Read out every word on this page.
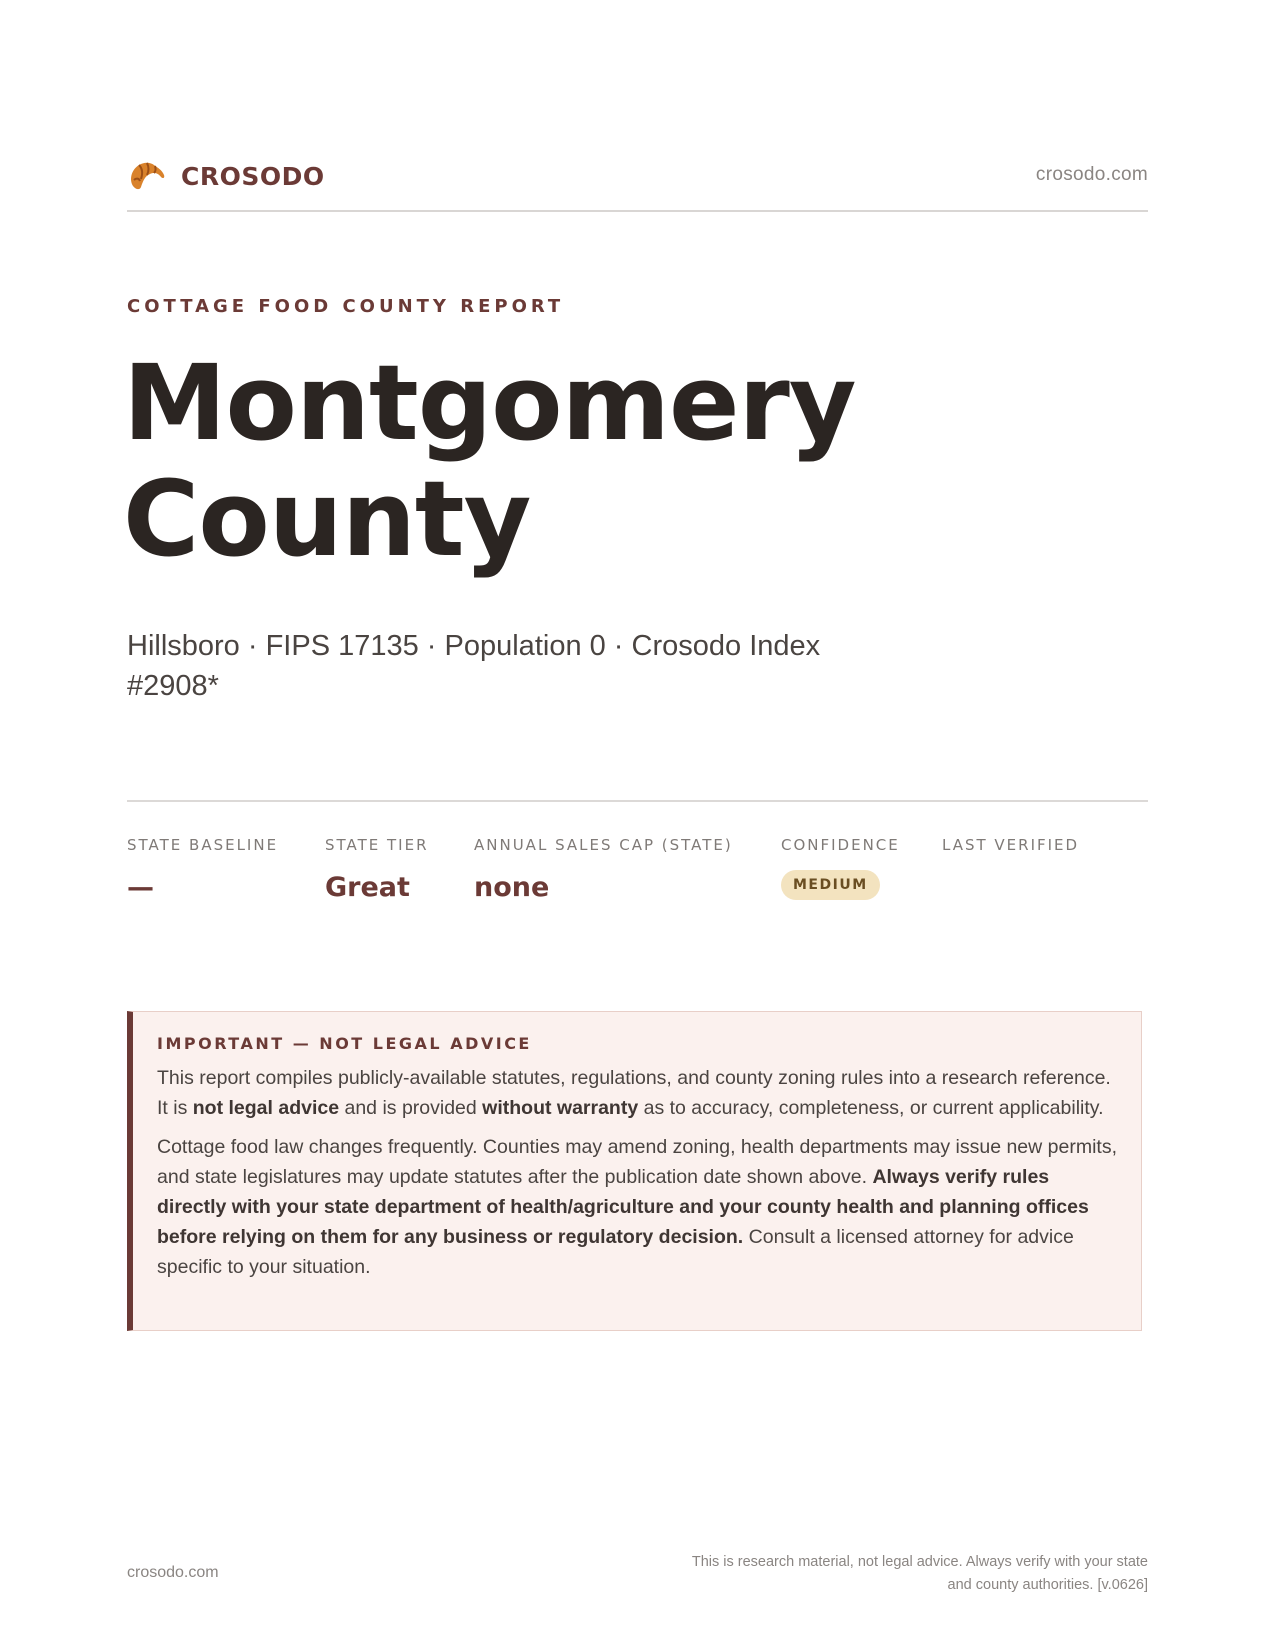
CROSODO	crosodo.com
COTTAGE FOOD COUNTY REPORT
Montgomery
County
Hillsboro · FIPS 17135 · Population 0 · Crosodo Index #2908*
STATE BASELINE
—
STATE TIER
Great
ANNUAL SALES CAP (STATE)
none
CONFIDENCE
MEDIUM
LAST VERIFIED
IMPORTANT — NOT LEGAL ADVICE

This report compiles publicly-available statutes, regulations, and county zoning rules into a research reference. It is not legal advice and is provided without warranty as to accuracy, completeness, or current applicability.

Cottage food law changes frequently. Counties may amend zoning, health departments may issue new permits, and state legislatures may update statutes after the publication date shown above. Always verify rules directly with your state department of health/agriculture and your county health and planning offices before relying on them for any business or regulatory decision. Consult a licensed attorney for advice specific to your situation.

crosodo.com
This is research material, not legal advice. Always verify with your state
and county authorities. [v.0626]
